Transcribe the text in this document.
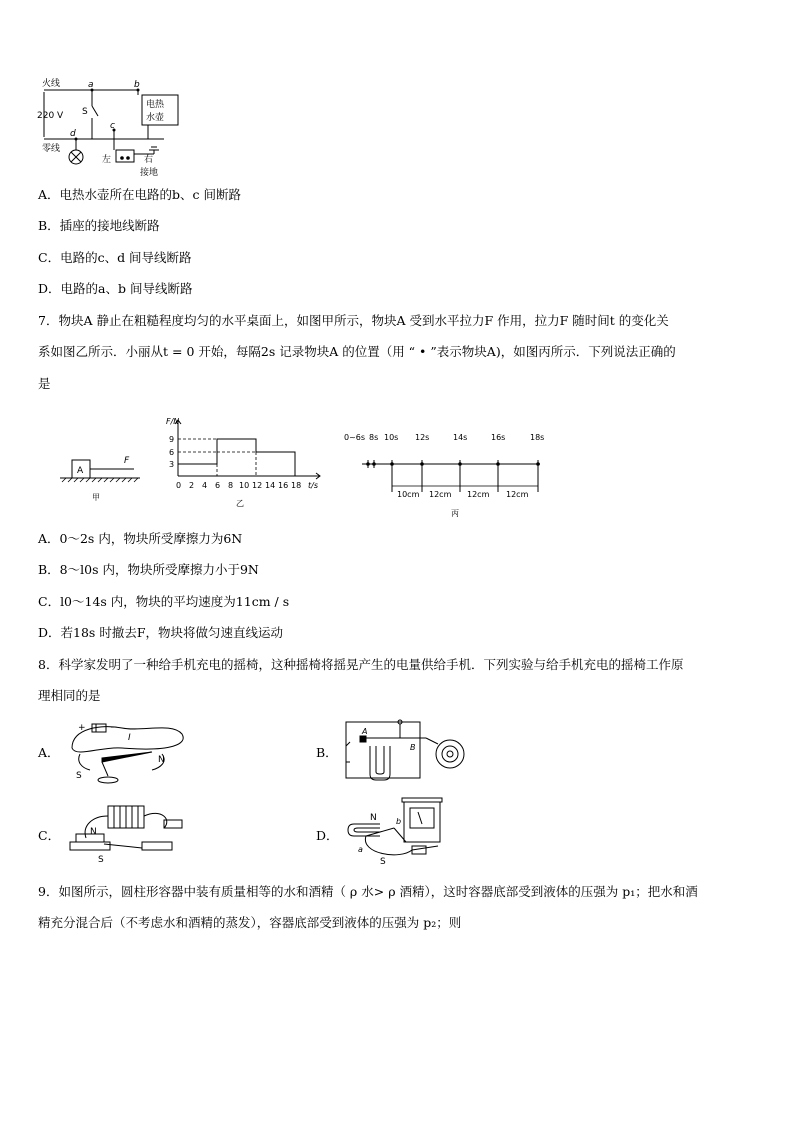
火线
220 V
零线
a	b
S
c
d
电热
水壶
左	右
接地
A．电热水壶所在电路的b、c 间断路
B．插座的接地线断路
C．电路的c、d 间导线断路
D．电路的a、b 间导线断路
7．物块A 静止在粗糙程度均匀的水平桌面上，如图甲所示，物块A 受到水平拉力F 作用，拉力F 随时间t 的变化关
系如图乙所示．小丽从t = 0 开始，每隔2s 记录物块A 的位置（用 “ • ”表示物块A)，如图丙所示．下列说法正确的
是
A
F
甲
F/N
t/s
9
6
3
0 2 4 6 8 10 12 14 16 18
乙
0~6s 8s 10s 12s	14s	16s	18s
10cm 12cm 12cm 12cm
丙
A．0～2s 内，物块所受摩擦力为6N
B．8～l0s 内，物块所受摩擦力小于9N
C．l0～14s 内，物块的平均速度为11cm / s
D．若18s 时撤去F，物块将做匀速直线运动
8．科学家发明了一种给手机充电的摇椅，这种摇椅将摇晃产生的电量供给手机．下列实验与给手机充电的摇椅工作原
理相同的是
A．	B．
C．	D．
+	−
I
S
N
A
B
N
S
N
S
a
b
9．如图所示，圆柱形容器中装有质量相等的水和酒精（ ρ 水> ρ 酒精），这时容器底部受到液体的压强为 p₁；把水和酒
精充分混合后（不考虑水和酒精的蒸发），容器底部受到液体的压强为 p₂；则
